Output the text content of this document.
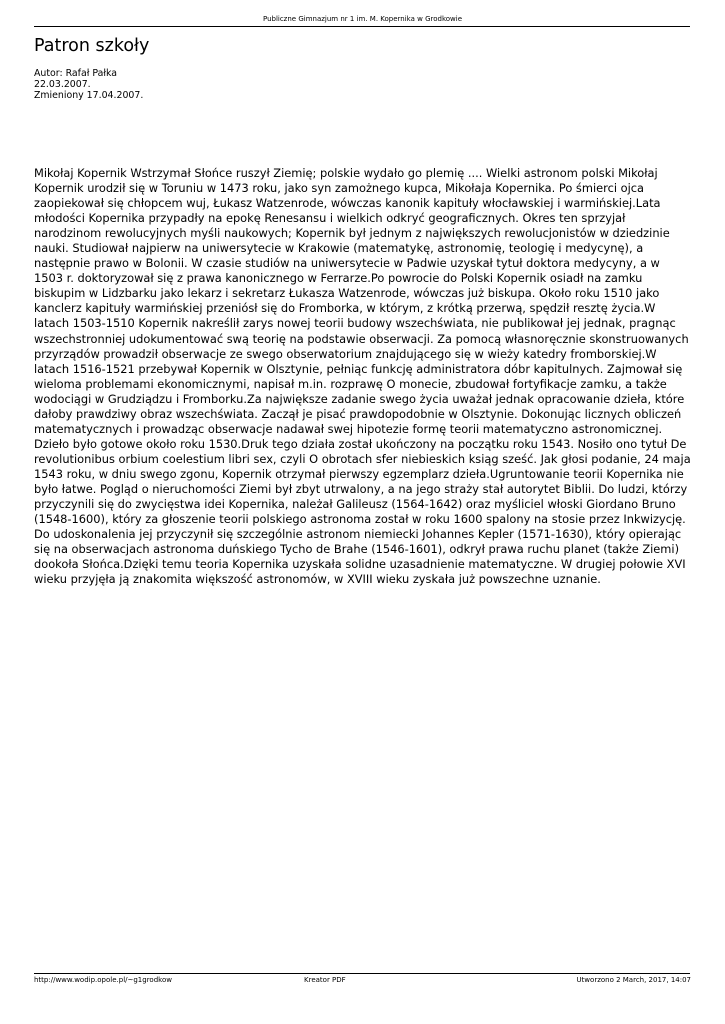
Publiczne Gimnazjum nr 1 im. M. Kopernika w Grodkowie
Patron szkoły
Autor: Rafał Pałka
22.03.2007.
Zmieniony 17.04.2007.

Mikołaj Kopernik Wstrzymał Słońce ruszył Ziemię; polskie wydało go plemię .... Wielki astronom polski Mikołaj Kopernik urodził się w Toruniu w 1473 roku, jako syn zamożnego kupca, Mikołaja Kopernika. Po śmierci ojca zaopiekował się chłopcem wuj, Łukasz Watzenrode, wówczas kanonik kapituły włocławskiej i warmińskiej.Lata młodości Kopernika przypadły na epokę Renesansu i wielkich odkryć geograficznych. Okres ten sprzyjał narodzinom rewolucyjnych myśli naukowych; Kopernik był jednym z największych rewolucjonistów w dziedzinie nauki. Studiował najpierw na uniwersytecie w Krakowie (matematykę, astronomię, teologię i medycynę), a następnie prawo w Bolonii. W czasie studiów na uniwersytecie w Padwie uzyskał tytuł doktora medycyny, a w 1503 r. doktoryzował się z prawa kanonicznego w Ferrarze.Po powrocie do Polski Kopernik osiadł na zamku biskupim w Lidzbarku jako lekarz i sekretarz Łukasza Watzenrode, wówczas już biskupa. Około roku 1510 jako kanclerz kapituły warmińskiej przeniósł się do Fromborka, w którym, z krótką przerwą, spędził resztę życia.W latach 1503-1510 Kopernik nakreślił zarys nowej teorii budowy wszechświata, nie publikował jej jednak, pragnąc wszechstronniej udokumentować swą teorię na podstawie obserwacji. Za pomocą własnoręcznie skonstruowanych przyrządów prowadził obserwacje ze swego obserwatorium znajdującego się w wieży katedry fromborskiej.W latach 1516-1521 przebywał Kopernik w Olsztynie, pełniąc funkcję administratora dóbr kapitulnych. Zajmował się wieloma problemami ekonomicznymi, napisał m.in. rozprawę O monecie, zbudował fortyfikacje zamku, a także wodociągi w Grudziądzu i Fromborku.Za największe zadanie swego życia uważał jednak opracowanie dzieła, które dałoby prawdziwy obraz wszechświata. Zaczął je pisać prawdopodobnie w Olsztynie. Dokonując licznych obliczeń matematycznych i prowadząc obserwacje nadawał swej hipotezie formę teorii matematyczno astronomicznej. Dzieło było gotowe około roku 1530.Druk tego działa został ukończony na początku roku 1543. Nosiło ono tytuł De revolutionibus orbium coelestium libri sex, czyli O obrotach sfer niebieskich ksiąg sześć. Jak głosi podanie, 24 maja 1543 roku, w dniu swego zgonu, Kopernik otrzymał pierwszy egzemplarz dzieła.Ugruntowanie teorii Kopernika nie było łatwe. Pogląd o nieruchomości Ziemi był zbyt utrwalony, a na jego straży stał autorytet Biblii. Do ludzi, którzy przyczynili się do zwycięstwa idei Kopernika, należał Galileusz (1564-1642) oraz myśliciel włoski Giordano Bruno (1548-1600), który za głoszenie teorii polskiego astronoma został w roku 1600 spalony na stosie przez Inkwizycję. Do udoskonalenia jej przyczynił się szczególnie astronom niemiecki Johannes Kepler (1571-1630), który opierając się na obserwacjach astronoma duńskiego Tycho de Brahe (1546-1601), odkrył prawa ruchu planet (także Ziemi) dookoła Słońca.Dzięki temu teoria Kopernika uzyskała solidne uzasadnienie matematyczne. W drugiej połowie XVI wieku przyjęła ją znakomita większość astronomów, w XVIII wieku zyskała już powszechne uznanie.

http://www.wodip.opole.pl/~g1grodkow	Kreator PDF	Utworzono 2 March, 2017, 14:07
